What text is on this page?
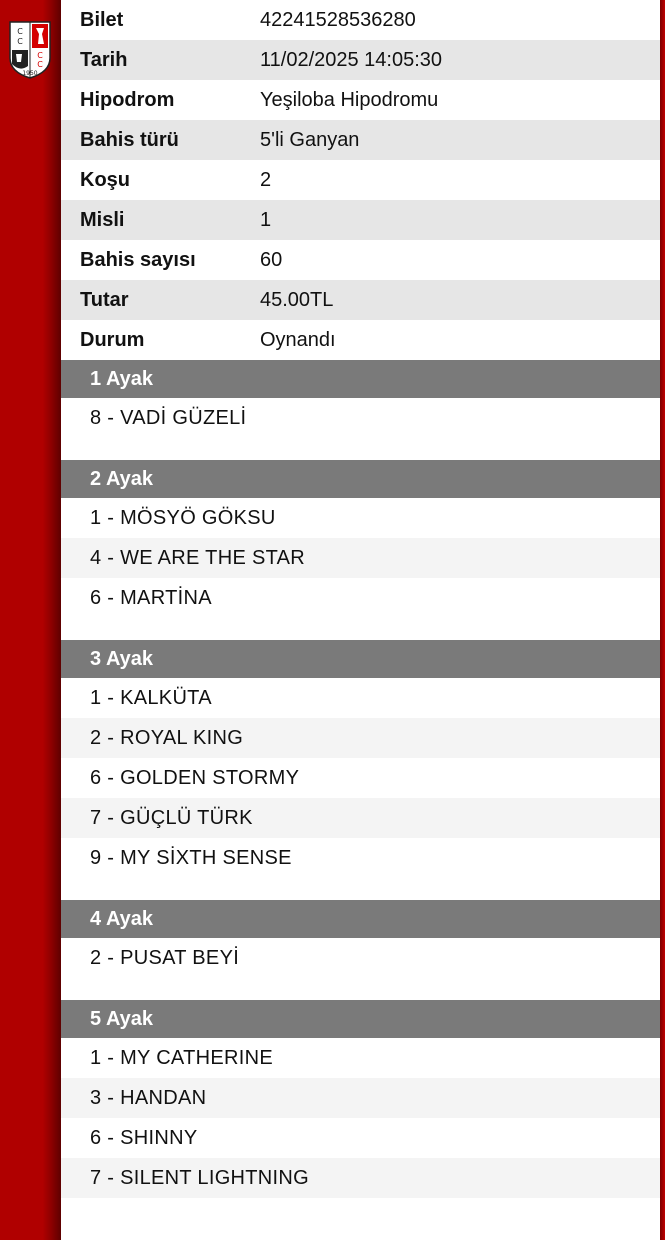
C
C
C
C
1950
Bilet	42241528536280
Tarih	11/02/2025 14:05:30
Hipodrom	Yeşiloba Hipodromu
Bahis türü	5'li Ganyan
Koşu	2
Misli	1
Bahis sayısı	60
Tutar	45.00TL
Durum	Oynandı
1 Ayak
8 - VADİ GÜZELİ
2 Ayak
1 - MÖSYÖ GÖKSU
4 - WE ARE THE STAR
6 - MARTİNA
3 Ayak
1 - KALKÜTA
2 - ROYAL KING
6 - GOLDEN STORMY
7 - GÜÇLÜ TÜRK
9 - MY SİXTH SENSE
4 Ayak
2 - PUSAT BEYİ
5 Ayak
1 - MY CATHERINE
3 - HANDAN
6 - SHINNY
7 - SILENT LIGHTNING
